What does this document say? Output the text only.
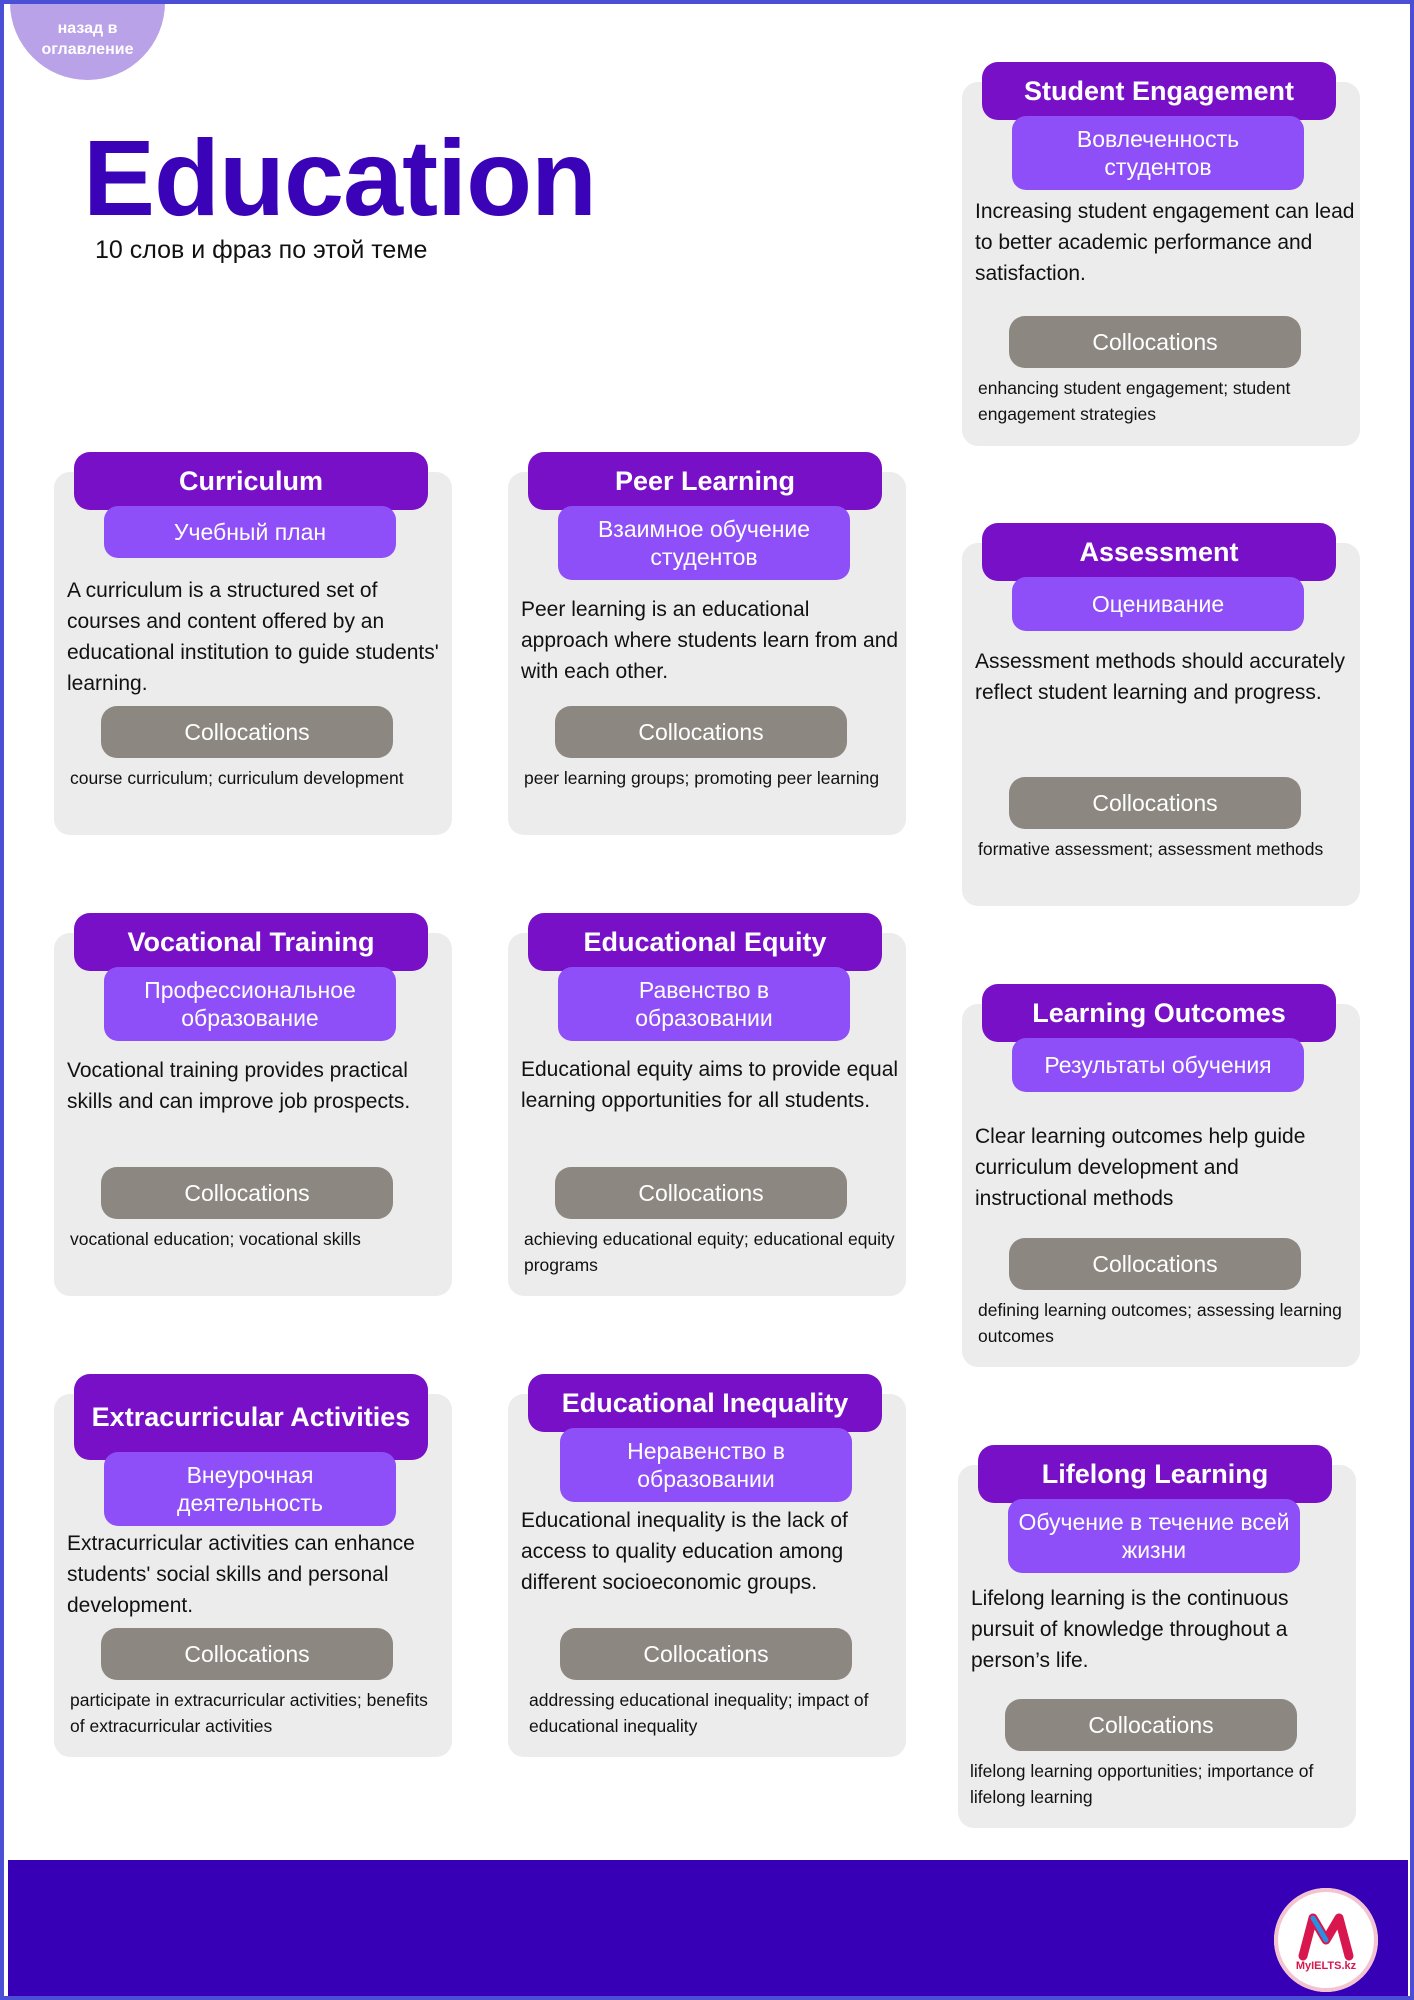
назад в оглавление
Education
10 слов и фраз по этой теме
Curriculum
Учебный план

A curriculum is a structured set of courses and content offered by an educational institution to guide students' learning.

Collocations

course curriculum; curriculum development

Peer Learning
Взаимное обучение студентов

Peer learning is an educational approach where students learn from and with each other.

Collocations

peer learning groups; promoting peer learning

Vocational Training
Профессиональное образование

Vocational training provides practical skills and can improve job prospects.

Collocations

vocational education; vocational skills

Educational Equity
Равенство в образовании

Educational equity aims to provide equal learning opportunities for all students.

Collocations

achieving educational equity; educational equity programs

Extracurricular Activities
Внеурочная деятельность

Extracurricular activities can enhance students' social skills and personal development.

Collocations

participate in extracurricular activities; benefits of extracurricular activities

Educational Inequality
Неравенство в образовании

Educational inequality is the lack of access to quality education among different socioeconomic groups.

Collocations

addressing educational inequality; impact of educational inequality

Student Engagement
Вовлеченность студентов

Increasing student engagement can lead to better academic performance and satisfaction.

Collocations

enhancing student engagement; student engagement strategies

Assessment
Оценивание

Assessment methods should accurately reflect student learning and progress.

Collocations

formative assessment; assessment methods

Learning Outcomes
Результаты обучения

Clear learning outcomes help guide curriculum development and instructional methods

Collocations

defining learning outcomes; assessing learning outcomes

Lifelong Learning
Обучение в течение всей жизни

Lifelong learning is the continuous pursuit of knowledge throughout a person’s life.

Collocations

lifelong learning opportunities; importance of lifelong learning

M
MyIELTS.kz
